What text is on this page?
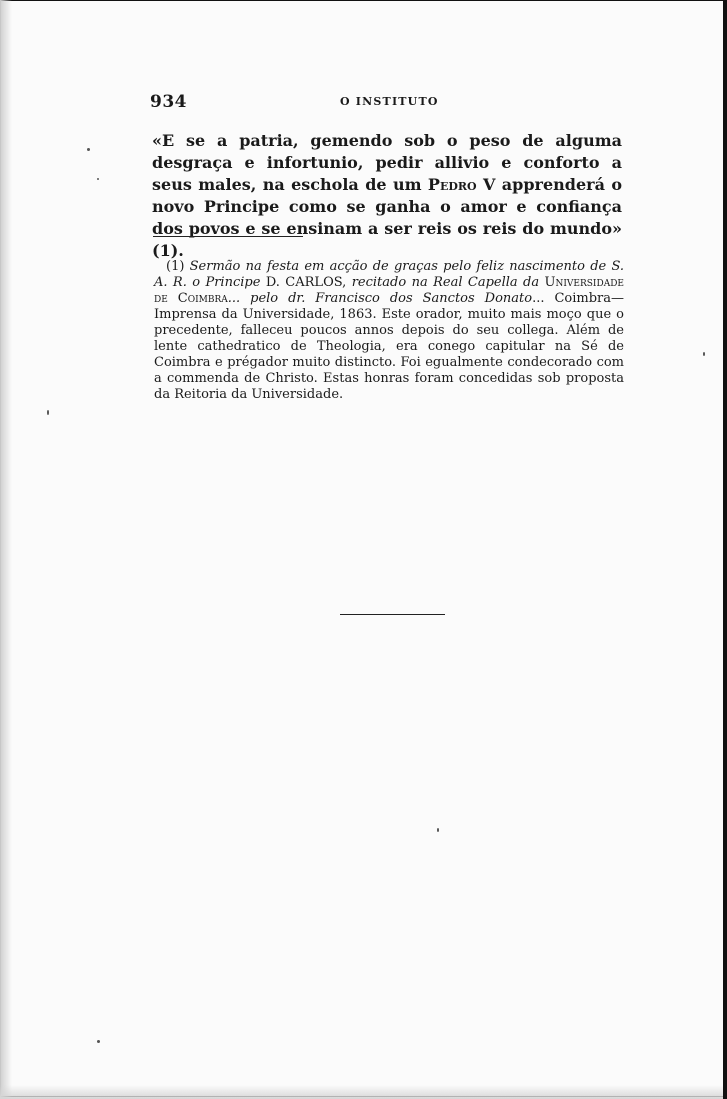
934	O INSTITUTO

«E se a patria, gemendo sob o peso de alguma desgraça e infortunio, pedir allivio e conforto a seus males, na eschola de um Pedro V apprenderá o novo Principe como se ganha o amor e confiança dos povos e se ensinam a ser reis os reis do mundo» (1).

(1) Sermão na festa em acção de graças pelo feliz nascimento de S. A. R. o Principe D. CARLOS, recitado na Real Capella da Universidade de Coimbra... pelo dr. Francisco dos Sanctos Donato... Coimbra—Imprensa da Universidade, 1863. Este orador, muito mais moço que o precedente, falleceu poucos annos depois do seu collega. Além de lente cathedratico de Theologia, era conego capitular na Sé de Coimbra e prégador muito distincto. Foi egualmente condecorado com a commenda de Christo. Estas honras foram concedidas sob proposta da Reitoria da Universidade.
